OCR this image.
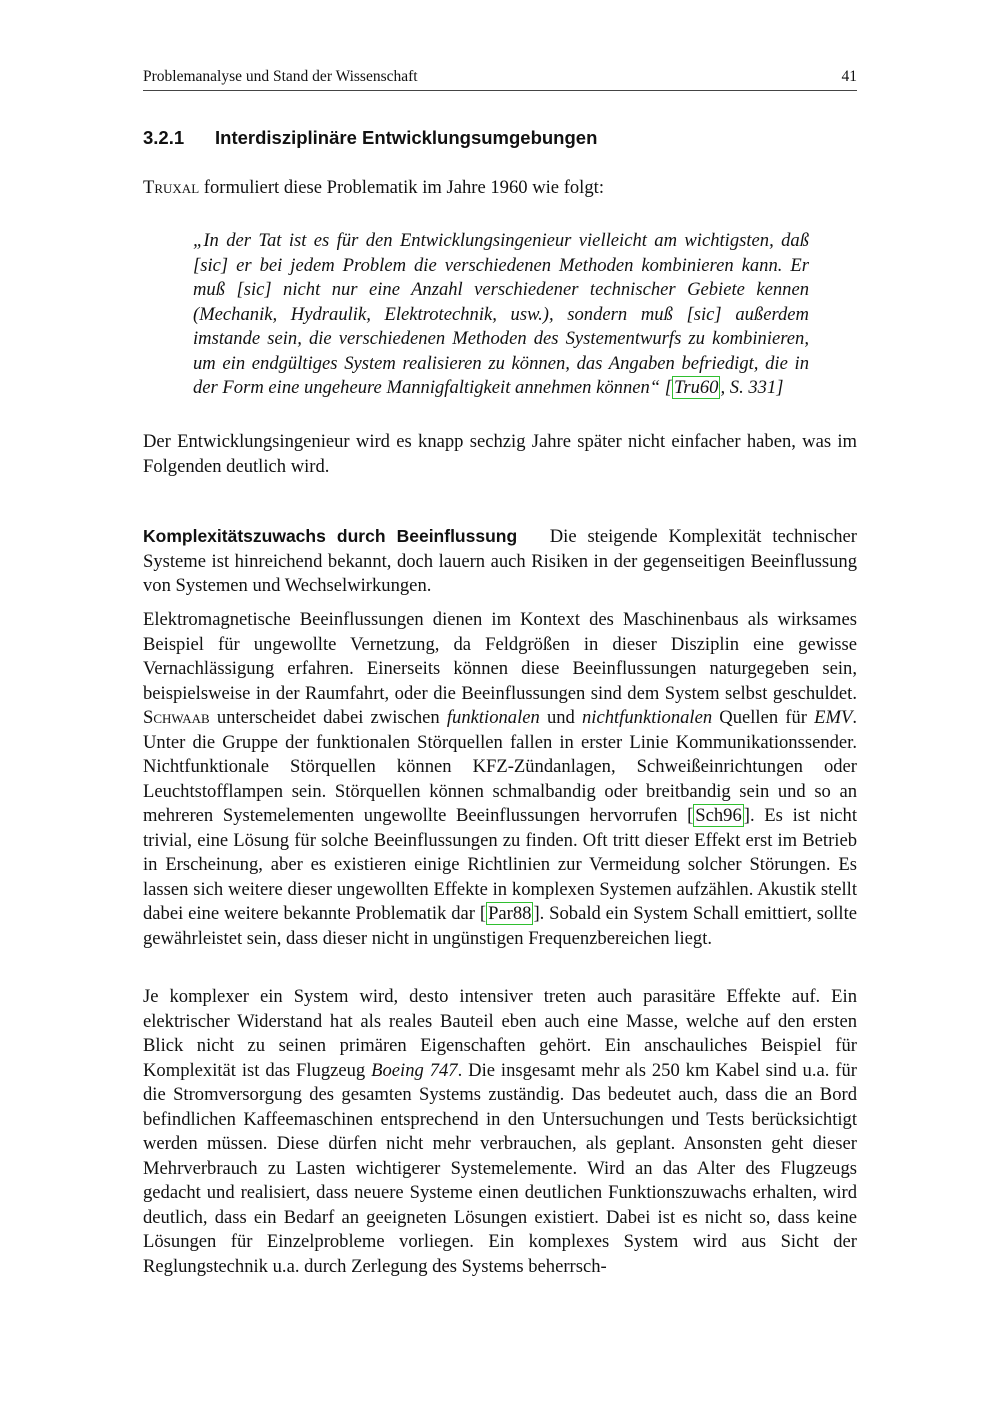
Problemanalyse und Stand der Wissenschaft	41
3.2.1 Interdisziplinäre Entwicklungsumgebungen

Truxal formuliert diese Problematik im Jahre 1960 wie folgt:

„In der Tat ist es für den Entwicklungsingenieur vielleicht am wichtigsten, daß [sic] er bei jedem Problem die verschiedenen Methoden kombinieren kann. Er muß [sic] nicht nur eine Anzahl verschiedener technischer Gebiete kennen (Mechanik, Hydraulik, Elektrotechnik, usw.), sondern muß [sic] außerdem imstande sein, die verschiedenen Methoden des Systementwurfs zu kombinieren, um ein endgültiges System realisieren zu können, das Angaben befriedigt, die in der Form eine ungeheure Mannigfaltigkeit annehmen können“ [ Tru60 , S. 331]

Der Entwicklungsingenieur wird es knapp sechzig Jahre später nicht einfacher haben, was im Folgenden deutlich wird.

Komplexitätszuwachs durch Beeinflussung Die steigende Komplexität technischer Systeme ist hinreichend bekannt, doch lauern auch Risiken in der gegenseitigen Beeinflussung von Systemen und Wechselwirkungen.

Elektromagnetische Beeinflussungen dienen im Kontext des Maschinenbaus als wirksames Beispiel für ungewollte Vernetzung, da Feldgrößen in dieser Disziplin eine gewisse Vernachlässigung erfahren. Einerseits können diese Beeinflussungen naturgegeben sein, beispielsweise in der Raumfahrt, oder die Beeinflussungen sind dem System selbst geschuldet. Schwaab unterscheidet dabei zwischen funktionalen und nichtfunktionalen Quellen für EMV. Unter die Gruppe der funktionalen Störquellen fallen in erster Linie Kommunikationssender. Nichtfunktionale Störquellen können KFZ-Zündanlagen, Schweißeinrichtungen oder Leuchtstofflampen sein. Störquellen können schmalbandig oder breitbandig sein und so an mehreren Systemelementen ungewollte Beeinflussungen hervorrufen [ Sch96 ]. Es ist nicht trivial, eine Lösung für solche Beeinflussungen zu finden. Oft tritt dieser Effekt erst im Betrieb in Erscheinung, aber es existieren einige Richtlinien zur Vermeidung solcher Störungen. Es lassen sich weitere dieser ungewollten Effekte in komplexen Systemen aufzählen. Akustik stellt dabei eine weitere bekannte Problematik dar [ Par88 ]. Sobald ein System Schall emittiert, sollte gewährleistet sein, dass dieser nicht in ungünstigen Frequenzbereichen liegt.

Je komplexer ein System wird, desto intensiver treten auch parasitäre Effekte auf. Ein elektrischer Widerstand hat als reales Bauteil eben auch eine Masse, welche auf den ersten Blick nicht zu seinen primären Eigenschaften gehört. Ein anschauliches Beispiel für Komplexität ist das Flugzeug Boeing 747. Die insgesamt mehr als 250 km Kabel sind u.a. für die Stromversorgung des gesamten Systems zuständig. Das bedeutet auch, dass die an Bord befindlichen Kaffeemaschinen entsprechend in den Untersuchungen und Tests berücksichtigt werden müssen. Diese dürfen nicht mehr verbrauchen, als geplant. Ansonsten geht dieser Mehrverbrauch zu Lasten wichtigerer Systemelemente. Wird an das Alter des Flugzeugs gedacht und realisiert, dass neuere Systeme einen deutlichen Funktionszuwachs erhalten, wird deutlich, dass ein Bedarf an geeigneten Lösungen existiert. Dabei ist es nicht so, dass keine Lösungen für Einzelprobleme vorliegen. Ein komplexes System wird aus Sicht der Reglungstechnik u.a. durch Zerlegung des Systems beherrsch-
